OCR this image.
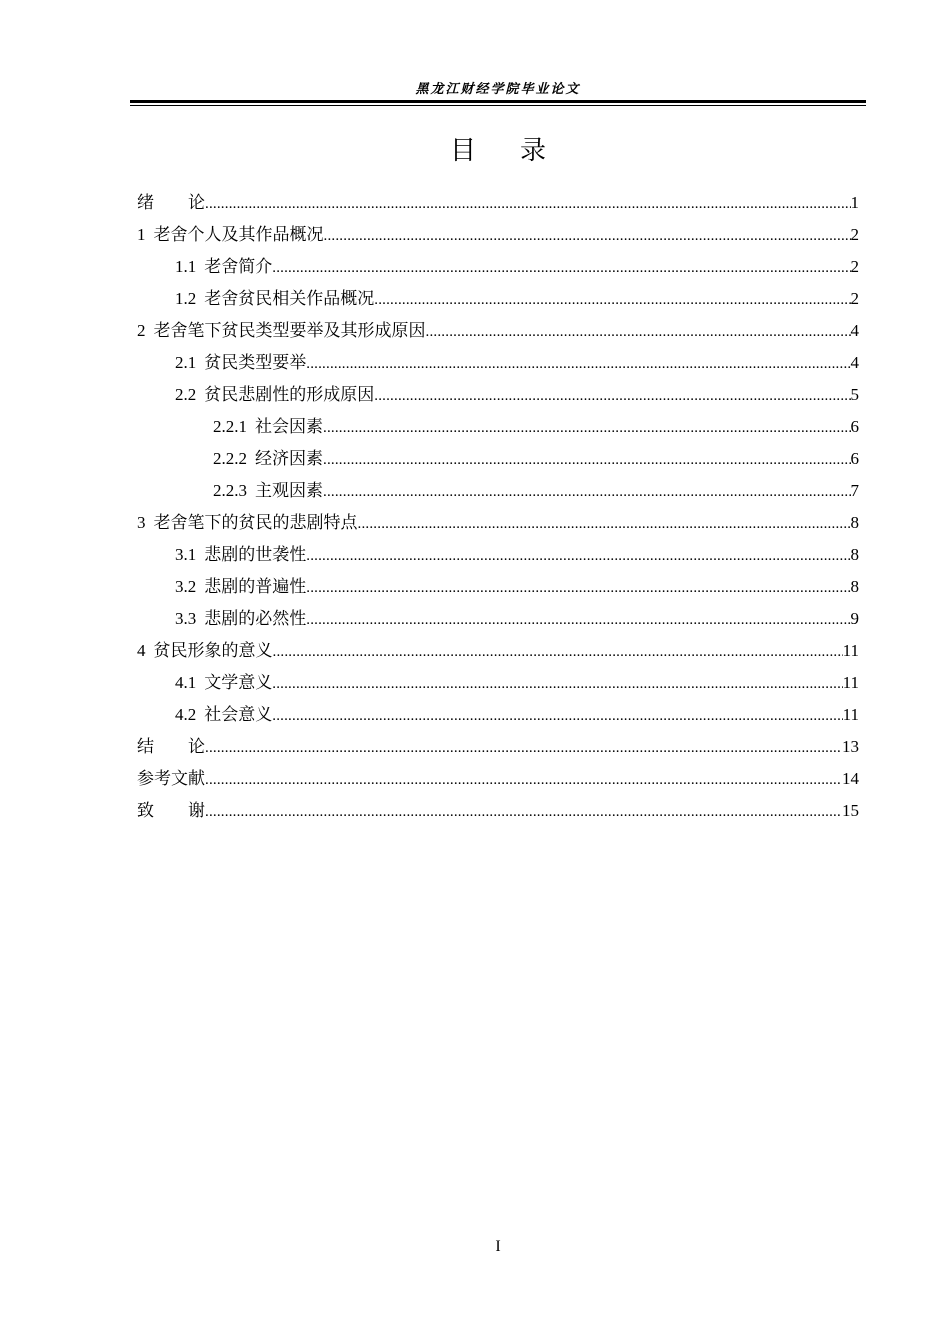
黑龙江财经学院毕业论文
目录
绪　　论 .....	1
1 老舍个人及其作品概况 .....	2
1.1 老舍简介 .....	2
1.2 老舍贫民相关作品概况 .....	2
2 老舍笔下贫民类型要举及其形成原因 .....	4
2.1 贫民类型要举 .....	4
2.2 贫民悲剧性的形成原因 .....	5
2.2.1 社会因素 .....	6
2.2.2 经济因素 .....	6
2.2.3 主观因素 .....	7
3 老舍笔下的贫民的悲剧特点 .....	8
3.1 悲剧的世袭性 .....	8
3.2 悲剧的普遍性 .....	8
3.3 悲剧的必然性 .....	9
4 贫民形象的意义 .....	11
4.1 文学意义 .....	11
4.2 社会意义 .....	11
结　　论 .....	13
参考文献 .....	14
致　　谢 .....	15
I
